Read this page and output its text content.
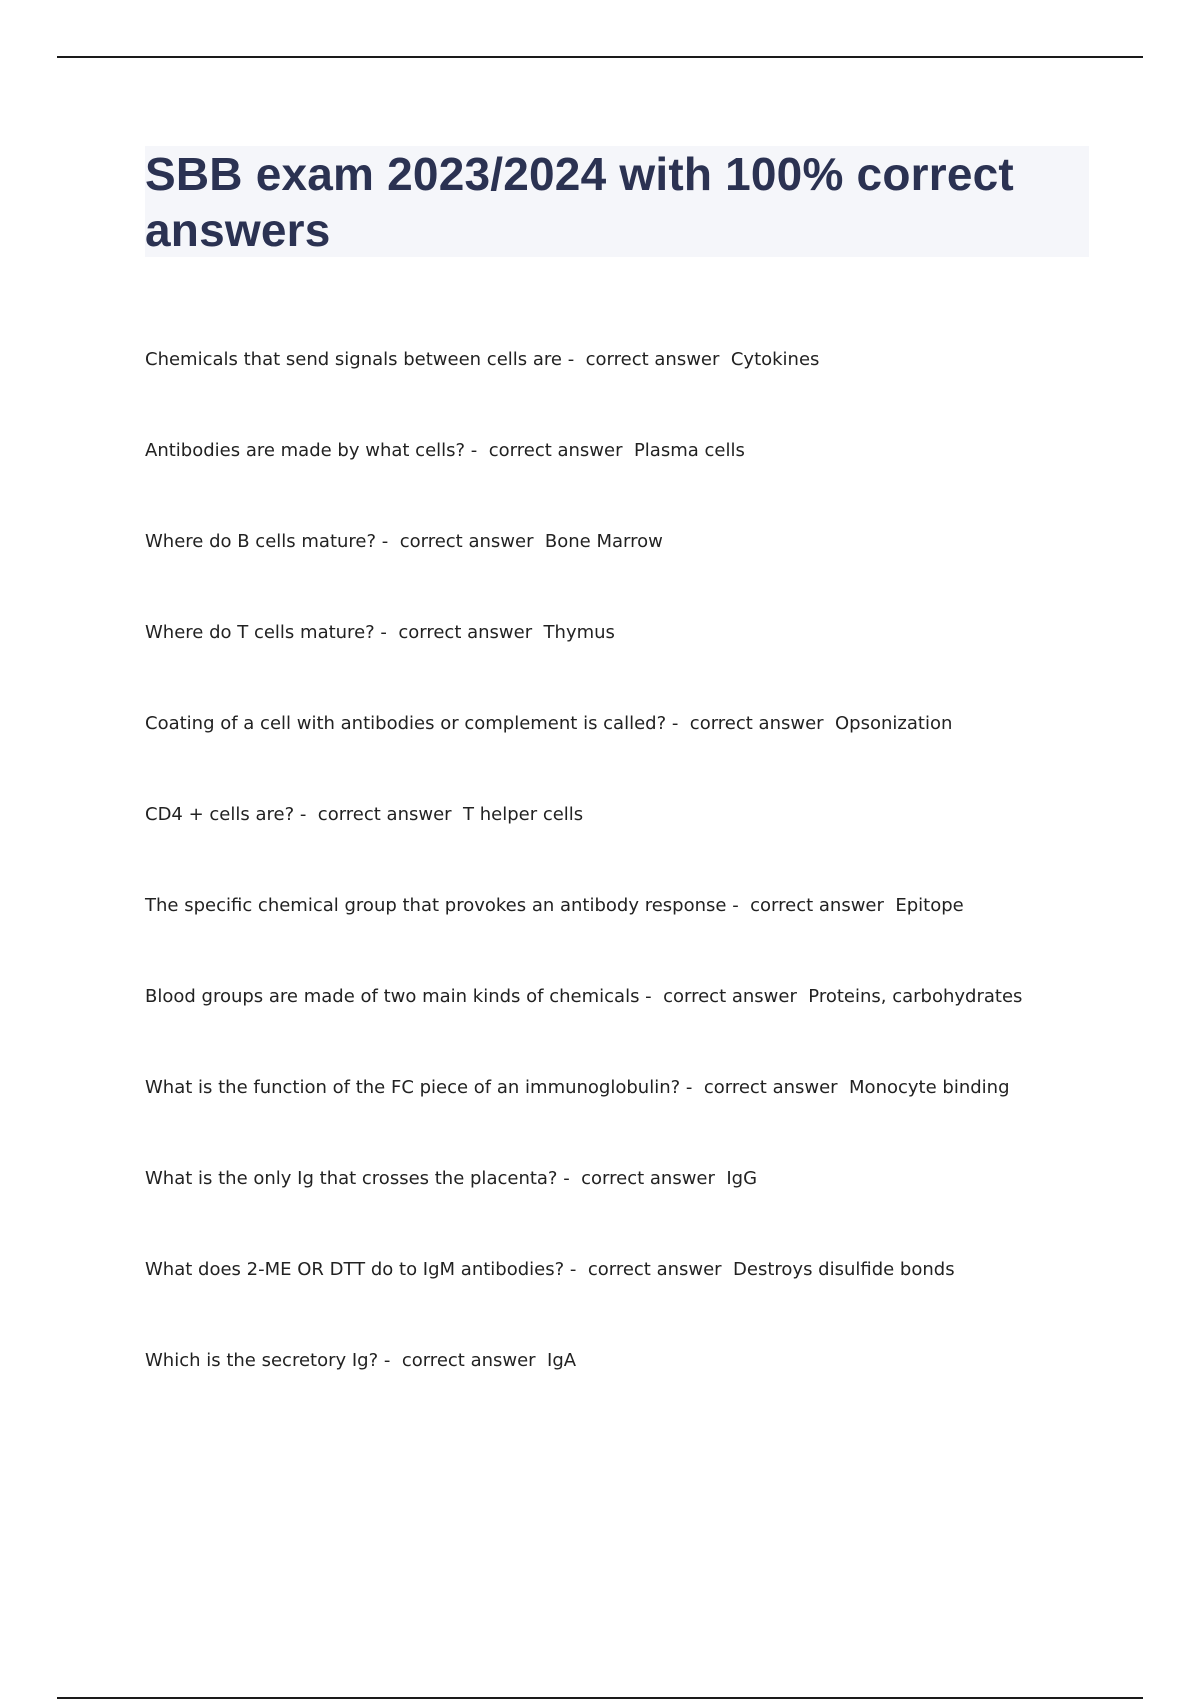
SBB exam 2023/2024 with 100% correct answers
Chemicals that send signals between cells are -  correct answer  Cytokines
Antibodies are made by what cells? -  correct answer  Plasma cells
Where do B cells mature? -  correct answer  Bone Marrow
Where do T cells mature? -  correct answer  Thymus
Coating of a cell with antibodies or complement is called? -  correct answer  Opsonization
CD4 + cells are? -  correct answer  T helper cells
The specific chemical group that provokes an antibody response -  correct answer  Epitope
Blood groups are made of two main kinds of chemicals -  correct answer  Proteins, carbohydrates
What is the function of the FC piece of an immunoglobulin? -  correct answer  Monocyte binding
What is the only Ig that crosses the placenta? -  correct answer  IgG
What does 2-ME OR DTT do to IgM antibodies? -  correct answer  Destroys disulfide bonds
Which is the secretory Ig? -  correct answer  IgA
